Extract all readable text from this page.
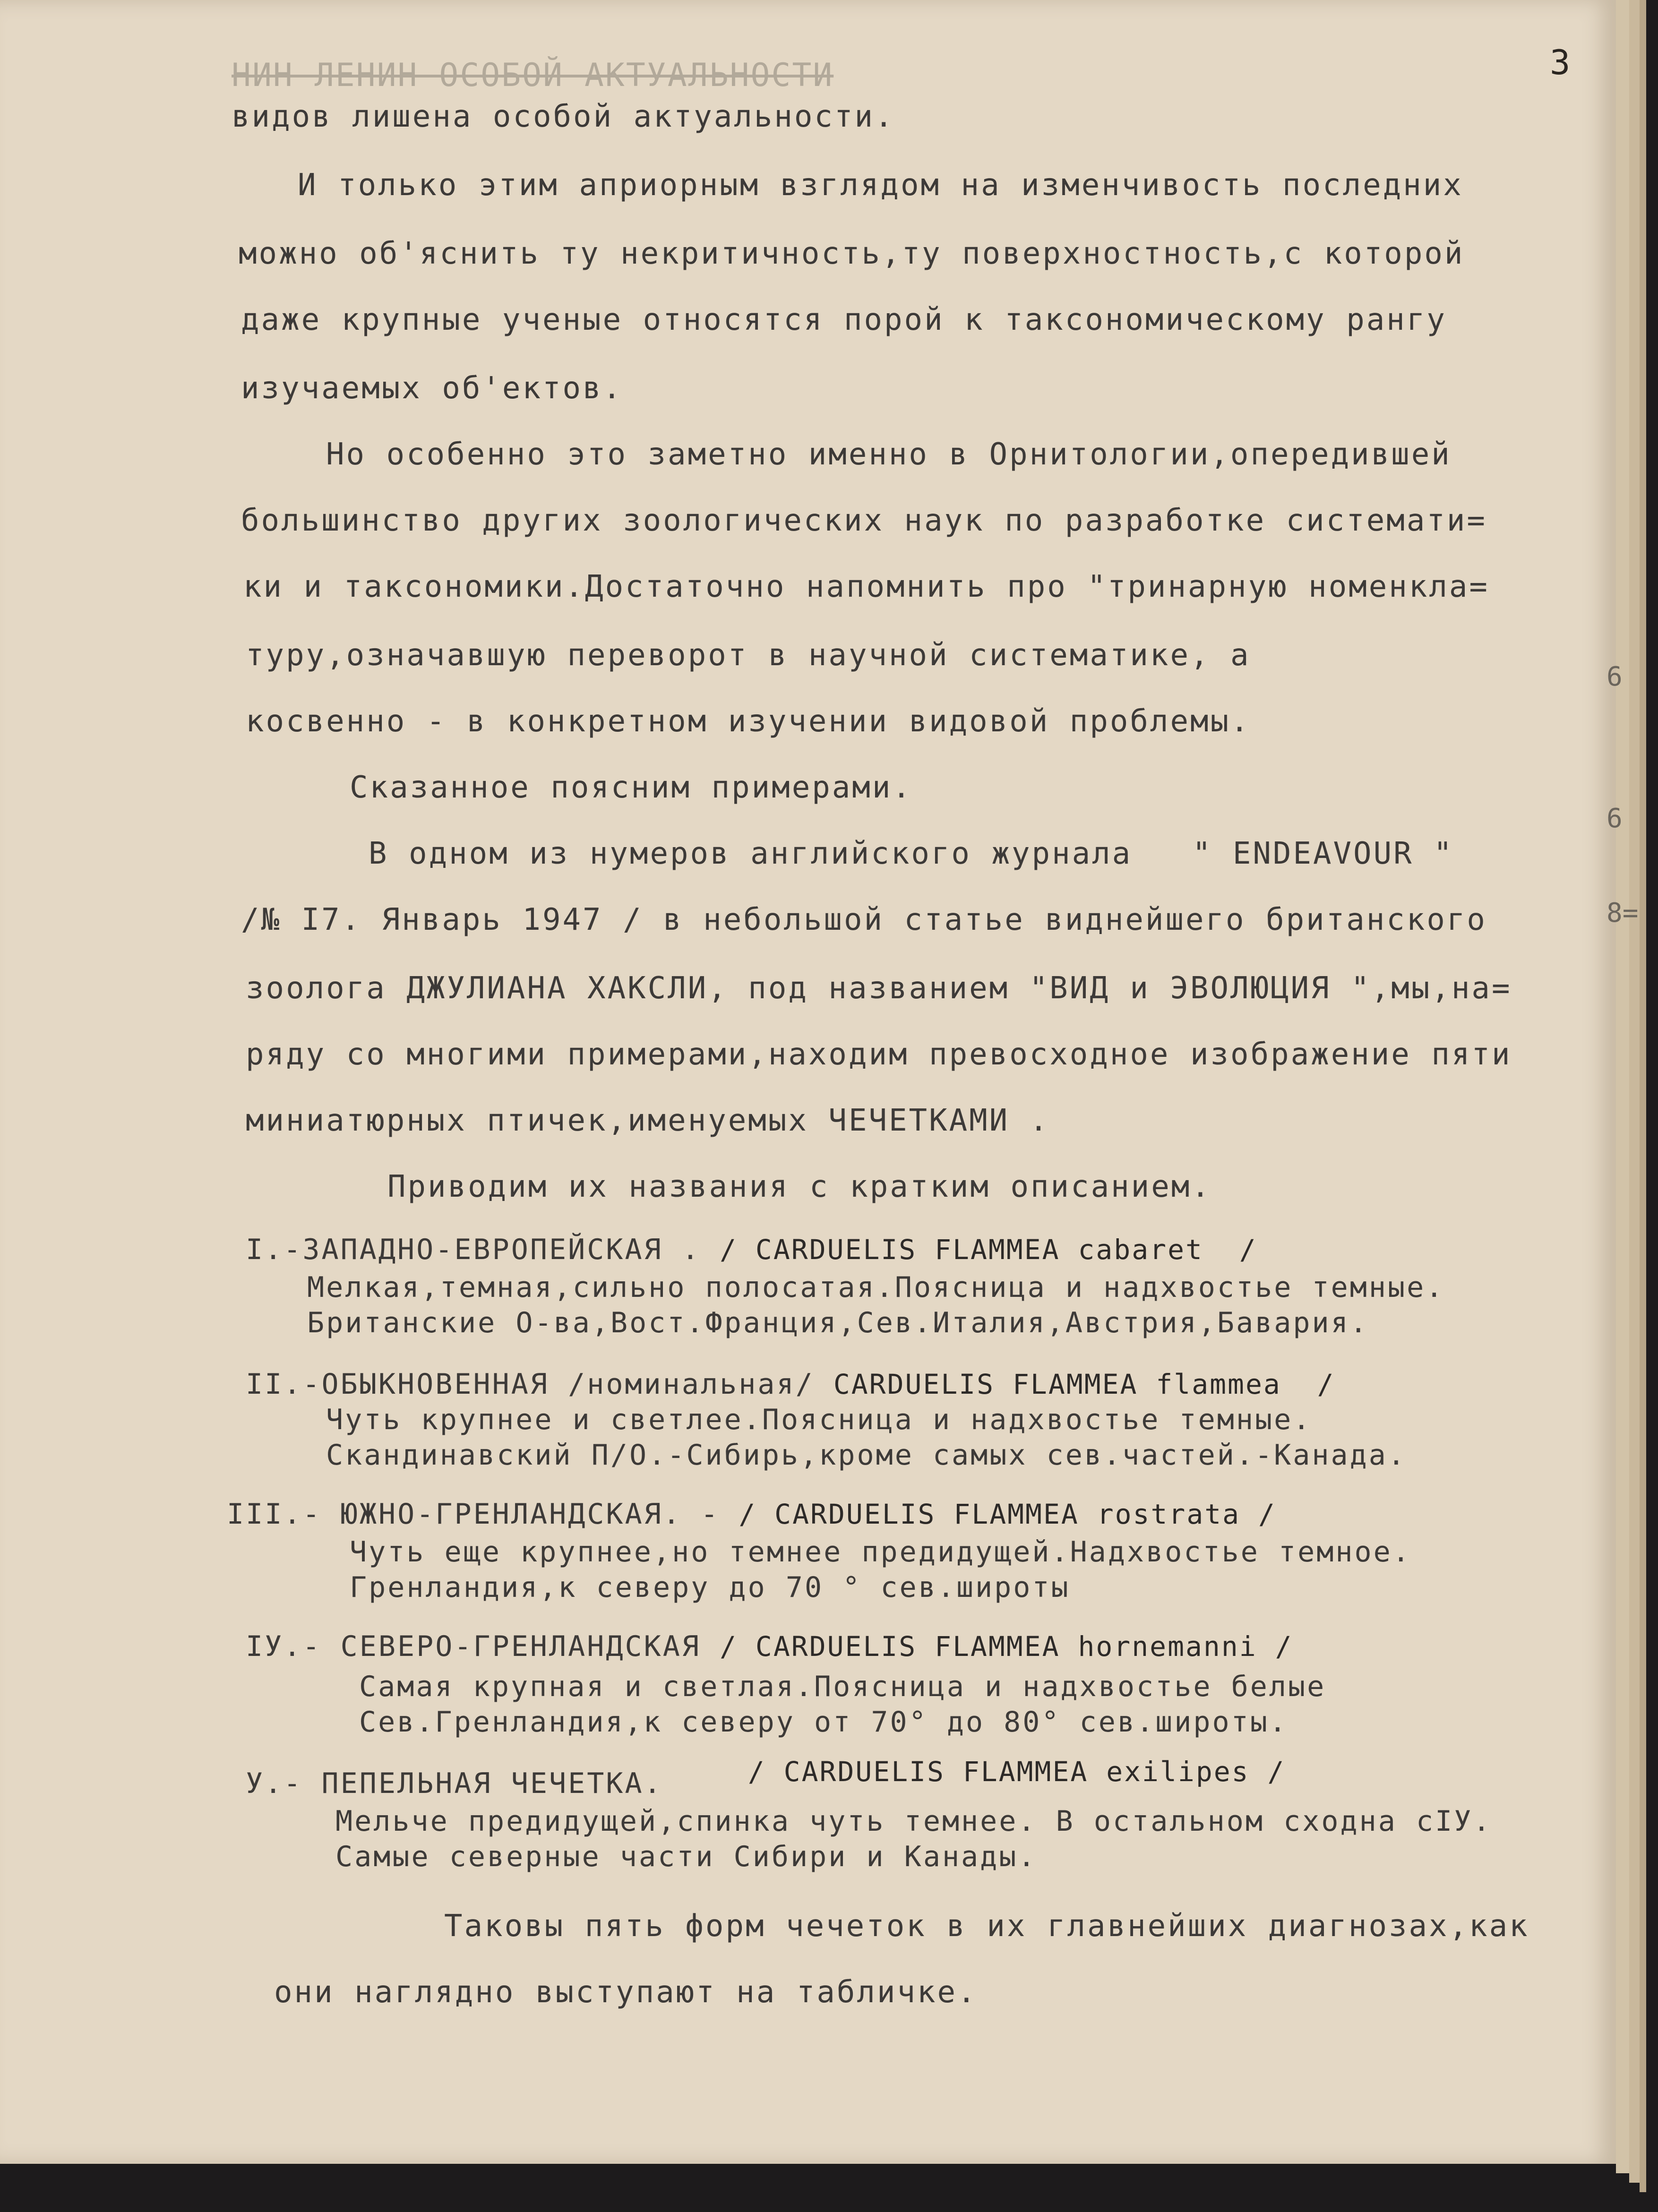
3
НИН ЛЕНИН ОСОБОЙ АКТУАЛЬНОСТИ
видов лишена особой актуальности.
И только этим априорным взглядом на изменчивость последних
можно об'яснить ту некритичность,ту поверхностность,с которой
даже крупные ученые относятся порой к таксономическому рангу
изучаемых об'ектов.
Но особенно это заметно именно в Орнитологии,опередившей
большинство других зоологических наук по разработке системати=
ки и таксономики.Достаточно напомнить про "тринарную номенкла=
туру,означавшую переворот в научной систематике, а
косвенно - в конкретном изучении видовой проблемы.
Сказанное поясним примерами.
В одном из нумеров английского журнала   " ENDEAVOUR "
/№ I7. Январь 1947 / в небольшой статье виднейшего британского
зоолога ДЖУЛИАНА ХАКСЛИ, под названием "ВИД и ЭВОЛЮЦИЯ ",мы,на=
ряду со многими примерами,находим превосходное изображение пяти
миниатюрных птичек,именуемых ЧЕЧЕТКАМИ .
Приводим их названия с кратким описанием.
I.-ЗАПАДНО-ЕВРОПЕЙСКАЯ . / CARDUELIS FLAMMEA cabaret  /
Мелкая,темная,сильно полосатая.Поясница и надхвостье темные.
Британские О-ва,Вост.Франция,Сев.Италия,Австрия,Бавария.
II.-ОБЫКНОВЕННАЯ /номинальная/ CARDUELIS FLAMMEA flammea  /
Чуть крупнее и светлее.Поясница и надхвостье темные.
Скандинавский П/О.-Сибирь,кроме самых сев.частей.-Канада.
III.- ЮЖНО-ГРЕНЛАНДСКАЯ. - / CARDUELIS FLAMMEA rostrata /
Чуть еще крупнее,но темнее предидущей.Надхвостье темное.
Гренландия,к северу до 70 ° сев.широты
IУ.- СЕВЕРО-ГРЕНЛАНДСКАЯ / CARDUELIS FLAMMEA hornemanni /
Самая крупная и светлая.Поясница и надхвостье белые
Сев.Гренландия,к северу от 70° до 80° сев.широты.
У.- ПЕПЕЛЬНАЯ ЧЕЧЕТКА.	/ CARDUELIS FLAMMEA exilipes /
Мельче предидущей,спинка чуть темнее. В остальном сходна сIУ.
Самые северные части Сибири и Канады.
Таковы пять форм чечеток в их главнейших диагнозах,как
они наглядно выступают на табличке.
6
6
8=
